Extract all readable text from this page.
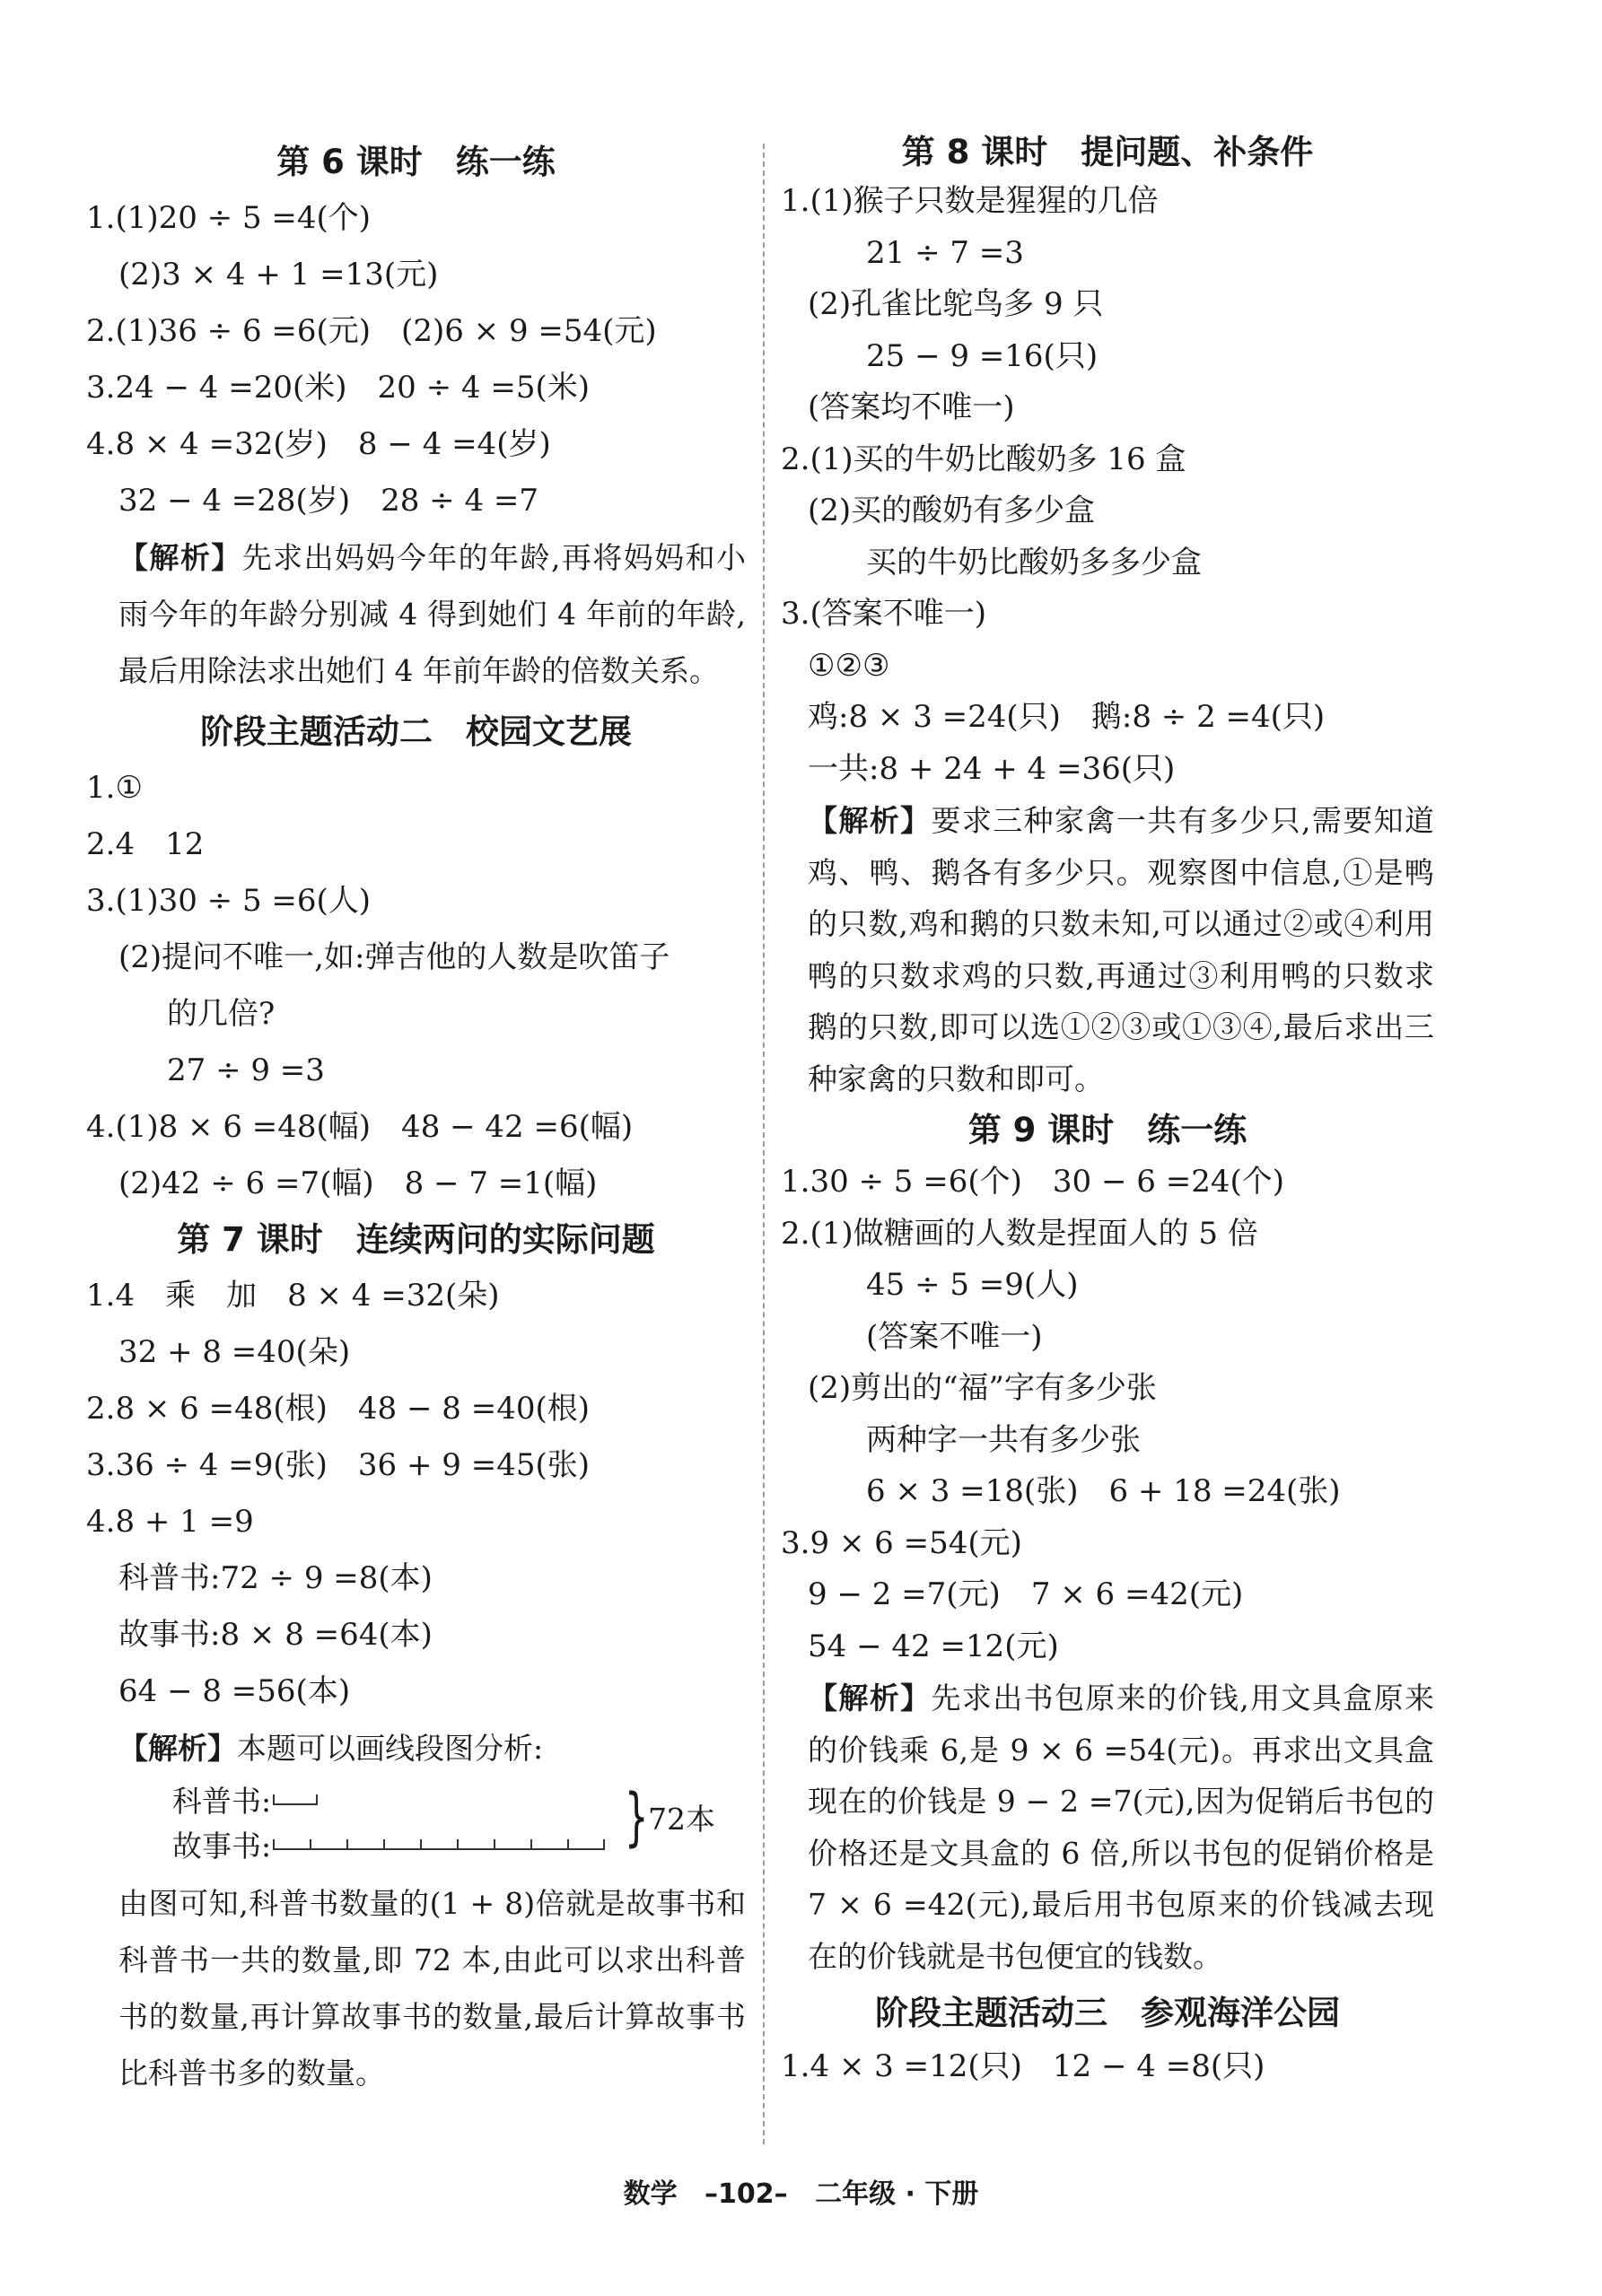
第 6 课时　练一练
1.(1)20 ÷ 5 =4(个)
(2)3 × 4 + 1 =13(元)
2.(1)36 ÷ 6 =6(元)　(2)6 × 9 =54(元)
3.24 − 4 =20(米)　20 ÷ 4 =5(米)
4.8 × 4 =32(岁)　8 − 4 =4(岁)
32 − 4 =28(岁)　28 ÷ 4 =7
【解析】先求出妈妈今年的年龄,再将妈妈和小雨今年的年龄分别减 4 得到她们 4 年前的年龄,最后用除法求出她们 4 年前年龄的倍数关系。
阶段主题活动二　校园文艺展
1.①
2.4　12
3.(1)30 ÷ 5 =6(人)
(2)提问不唯一,如:弹吉他的人数是吹笛子
的几倍?
27 ÷ 9 =3
4.(1)8 × 6 =48(幅)　48 − 42 =6(幅)
(2)42 ÷ 6 =7(幅)　8 − 7 =1(幅)
第 7 课时　连续两问的实际问题
1.4　乘　加　8 × 4 =32(朵)
32 + 8 =40(朵)
2.8 × 6 =48(根)　48 − 8 =40(根)
3.36 ÷ 4 =9(张)　36 + 9 =45(张)
4.8 + 1 =9
科普书:72 ÷ 9 =8(本)
故事书:8 × 8 =64(本)
64 − 8 =56(本)
【解析】本题可以画线段图分析:
科普书:
故事书:	} 72本
由图可知,科普书数量的(1 + 8)倍就是故事书和科普书一共的数量,即 72 本,由此可以求出科普书的数量,再计算故事书的数量,最后计算故事书比科普书多的数量。
第 8 课时　提问题、补条件
1.(1)猴子只数是猩猩的几倍
21 ÷ 7 =3
(2)孔雀比鸵鸟多 9 只
25 − 9 =16(只)
(答案均不唯一)
2.(1)买的牛奶比酸奶多 16 盒
(2)买的酸奶有多少盒
买的牛奶比酸奶多多少盒
3.(答案不唯一)
①②③
鸡:8 × 3 =24(只)　鹅:8 ÷ 2 =4(只)
一共:8 + 24 + 4 =36(只)
【解析】要求三种家禽一共有多少只,需要知道鸡、鸭、鹅各有多少只。观察图中信息,①是鸭的只数,鸡和鹅的只数未知,可以通过②或④利用鸭的只数求鸡的只数,再通过③利用鸭的只数求鹅的只数,即可以选①②③或①③④,最后求出三种家禽的只数和即可。
第 9 课时　练一练
1.30 ÷ 5 =6(个)　30 − 6 =24(个)
2.(1)做糖画的人数是捏面人的 5 倍
45 ÷ 5 =9(人)
(答案不唯一)
(2)剪出的“福”字有多少张
两种字一共有多少张
6 × 3 =18(张)　6 + 18 =24(张)
3.9 × 6 =54(元)
9 − 2 =7(元)　7 × 6 =42(元)
54 − 42 =12(元)
【解析】先求出书包原来的价钱,用文具盒原来的价钱乘 6,是 9 × 6 =54(元)。再求出文具盒现在的价钱是 9 − 2 =7(元),因为促销后书包的价格还是文具盒的 6 倍,所以书包的促销价格是 7 × 6 =42(元),最后用书包原来的价钱减去现在的价钱就是书包便宜的钱数。
阶段主题活动三　参观海洋公园
1.4 × 3 =12(只)　12 − 4 =8(只)
数学 –102– 二年级 · 下册
